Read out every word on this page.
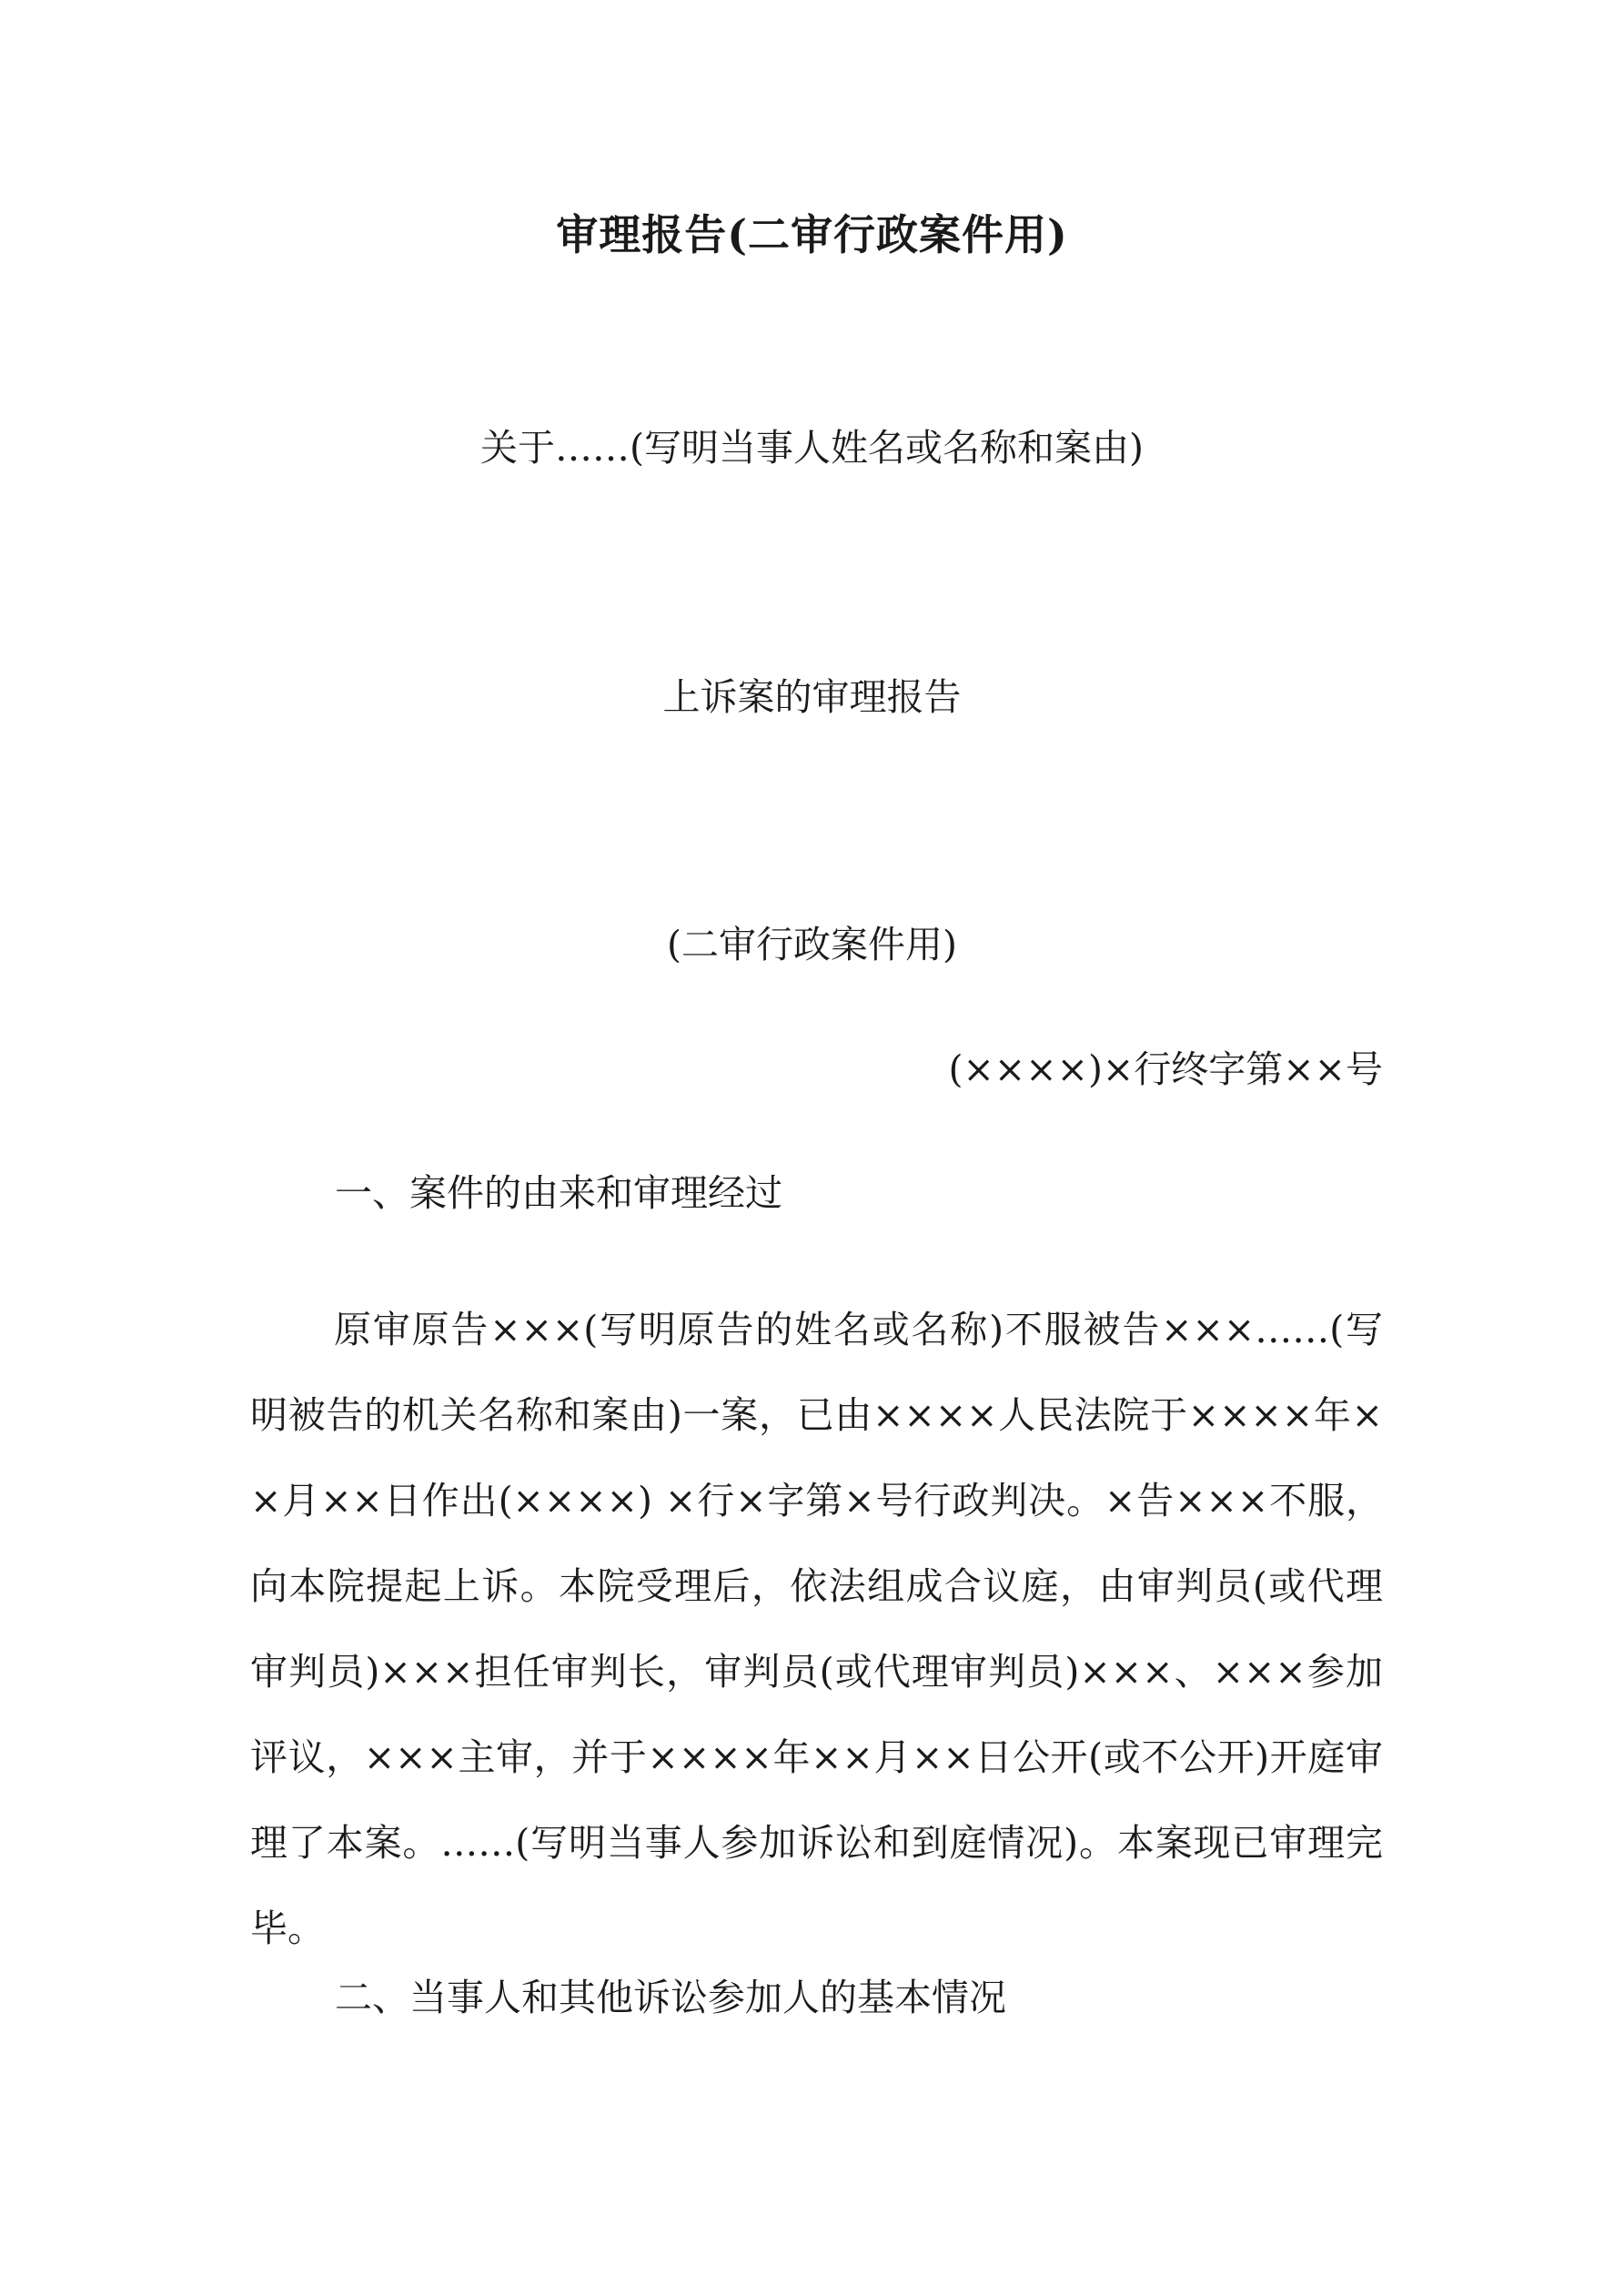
审理报告(二审行政案件用)
关于……(写明当事人姓名或名称和案由)
上诉案的审理报告
(二审行政案件用)
(××××)×行终字第××号
一、案件的由来和审理经过

原审原告×××(写明原告的姓名或名称)不服被告×××……(写明被告的机关名称和案由)一案，已由××××人民法院于××××年××月××日作出(××××) ×行×字第×号行政判决。×告×××不服，向本院提起上诉。本院受理后，依法组成合议庭，由审判员(或代理审判员)×××担任审判长，审判员(或代理审判员)×××、×××参加评议，×××主审，并于××××年××月××日公开(或不公开)开庭审理了本案。……(写明当事人参加诉讼和到庭情况)。本案现已审理完毕。

二、当事人和其他诉讼参加人的基本情况
